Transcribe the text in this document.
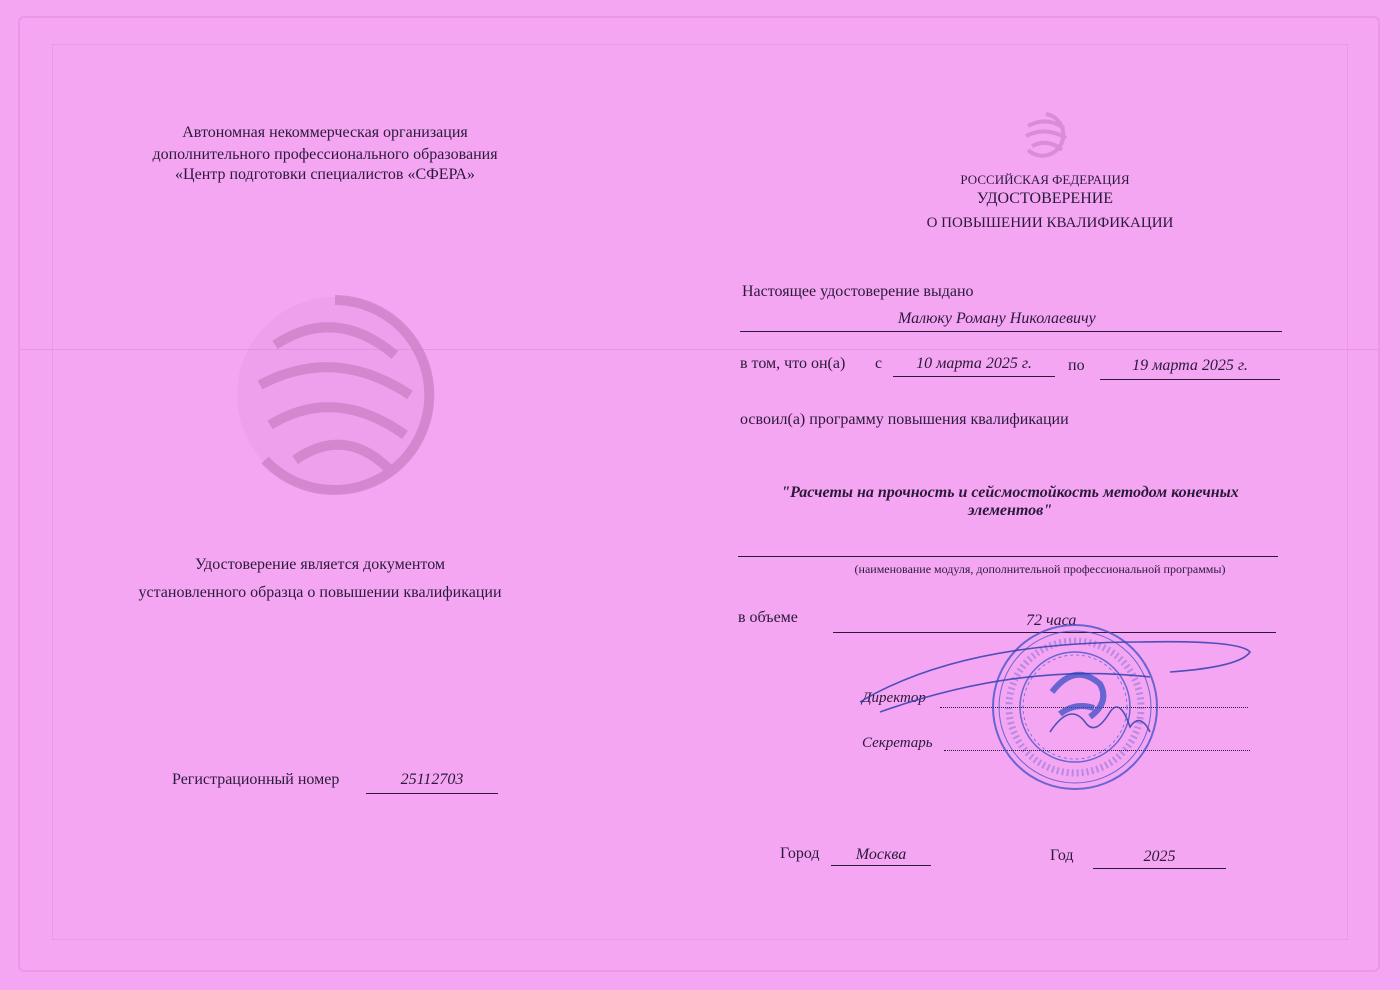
Автономная некоммерческая организация
дополнительного профессионального образования
«Центр подготовки специалистов «СФЕРА»
Удостоверение является документом
установленного образца о повышении квалификации
Регистрационный номер	25112703
РОССИЙСКАЯ ФЕДЕРАЦИЯ
УДОСТОВЕРЕНИЕ
О ПОВЫШЕНИИ КВАЛИФИКАЦИИ
Настоящее удостоверение выдано
Малюку Роману Николаевичу
в том, что он(а) с	10 марта 2025 г.	по	19 марта 2025 г.
освоил(а) программу повышения квалификации
"Расчеты на прочность и сейсмостойкость методом конечных
элементов"
(наименование модуля, дополнительной профессиональной программы)
в объеме	72 часа
Директор
Секретарь
Город	Москва	Год	2025
